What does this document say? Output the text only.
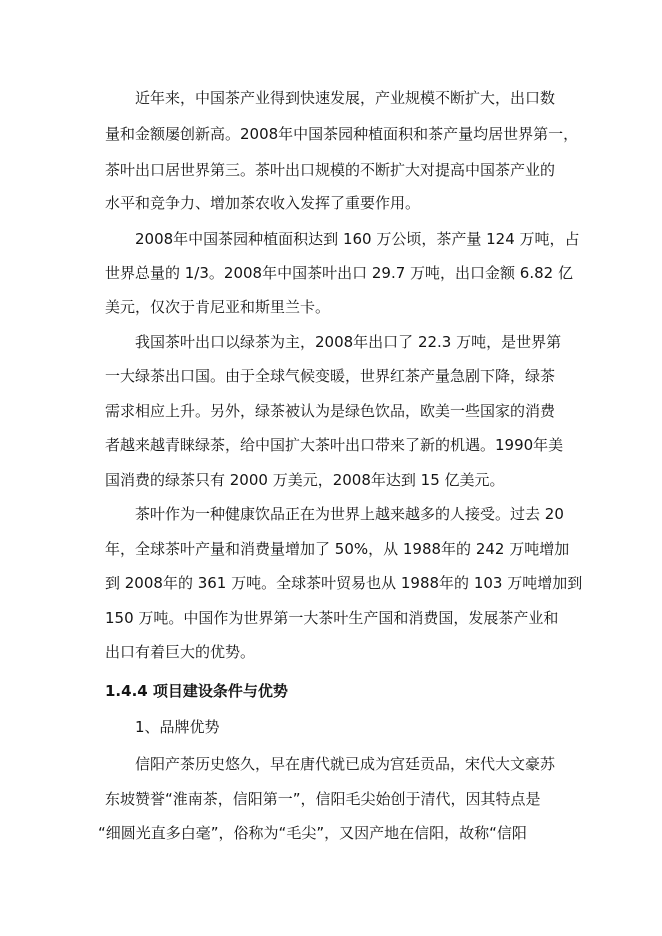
近年来，中国茶产业得到快速发展，产业规模不断扩大，出口数
量和金额屡创新高。2008年中国茶园种植面积和茶产量均居世界第一，
茶叶出口居世界第三。茶叶出口规模的不断扩大对提高中国茶产业的
水平和竞争力、增加茶农收入发挥了重要作用。
2008年中国茶园种植面积达到 160 万公顷，茶产量 124 万吨，占
世界总量的 1/3。2008年中国茶叶出口 29.7 万吨，出口金额 6.82 亿
美元，仅次于肯尼亚和斯里兰卡。
我国茶叶出口以绿茶为主，2008年出口了 22.3 万吨，是世界第
一大绿茶出口国。由于全球气候变暖，世界红茶产量急剧下降，绿茶
需求相应上升。另外，绿茶被认为是绿色饮品，欧美一些国家的消费
者越来越青睐绿茶，给中国扩大茶叶出口带来了新的机遇。1990年美
国消费的绿茶只有 2000 万美元，2008年达到 15 亿美元。
茶叶作为一种健康饮品正在为世界上越来越多的人接受。过去 20
年，全球茶叶产量和消费量增加了 50%，从 1988年的 242 万吨增加
到 2008年的 361 万吨。全球茶叶贸易也从 1988年的 103 万吨增加到
150 万吨。中国作为世界第一大茶叶生产国和消费国，发展茶产业和
出口有着巨大的优势。
1.4.4 项目建设条件与优势
1、品牌优势
信阳产茶历史悠久，早在唐代就已成为宫廷贡品，宋代大文豪苏
东坡赞誉“淮南茶，信阳第一”，信阳毛尖始创于清代，因其特点是
“细圆光直多白毫”，俗称为“毛尖”，又因产地在信阳，故称“信阳
